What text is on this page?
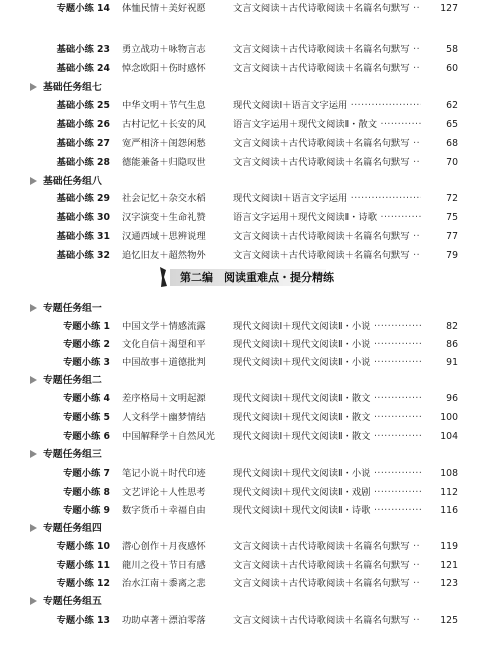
基础小练 23 勇立战功＋咏物言志	文言文阅读＋古代诗歌阅读＋名篇名句默写 ·····	58
基础小练 24 悼念欧阳＋伤时感怀	文言文阅读＋古代诗歌阅读＋名篇名句默写 ·····	60
基础任务组七
基础小练 25 中华文明＋节气生息	现代文阅读Ⅰ＋语言文字运用 ·····	62
基础小练 26 古村记忆＋长安的风	语言文字运用＋现代文阅读Ⅱ・散文 ·····	65
基础小练 27 宽严相济＋闺怨闲愁	文言文阅读＋古代诗歌阅读＋名篇名句默写 ·····	68
基础小练 28 德能兼备＋归隐叹世	文言文阅读＋古代诗歌阅读＋名篇名句默写 ·····	70
基础任务组八
基础小练 29 社会记忆＋杂交水稻	现代文阅读Ⅰ＋语言文字运用 ·····	72
基础小练 30 汉字演变＋生命礼赞	语言文字运用＋现代文阅读Ⅱ・诗歌 ·····	75
基础小练 31 汉通西域＋思辨说理	文言文阅读＋古代诗歌阅读＋名篇名句默写 ·····	77
基础小练 32 追忆旧友＋超然物外	文言文阅读＋古代诗歌阅读＋名篇名句默写 ·····	79
第二编　阅读重难点・提分精练
专题任务组一
专题小练 1 中国文学＋情感流露	现代文阅读Ⅰ＋现代文阅读Ⅱ・小说 ·····	82
专题小练 2 文化自信＋渴望和平	现代文阅读Ⅰ＋现代文阅读Ⅱ・小说 ·····	86
专题小练 3 中国故事＋道德批判	现代文阅读Ⅰ＋现代文阅读Ⅱ・小说 ·····	91
专题任务组二
专题小练 4 差序格局＋文明起源	现代文阅读Ⅰ＋现代文阅读Ⅱ・散文 ·····	96
专题小练 5 人文科学＋幽梦情结	现代文阅读Ⅰ＋现代文阅读Ⅱ・散文 ·····	100
专题小练 6 中国解释学＋自然风光	现代文阅读Ⅰ＋现代文阅读Ⅱ・散文 ·····	104
专题任务组三
专题小练 7 笔记小说＋时代印迹	现代文阅读Ⅰ＋现代文阅读Ⅱ・小说 ·····	108
专题小练 8 文艺评论＋人性思考	现代文阅读Ⅰ＋现代文阅读Ⅱ・戏剧 ·····	112
专题小练 9 数字货币＋幸福自由	现代文阅读Ⅰ＋现代文阅读Ⅱ・诗歌 ·····	116
专题任务组四
专题小练 10 潜心创作＋月夜感怀	文言文阅读＋古代诗歌阅读＋名篇名句默写 ·····	119
专题小练 11 龍川之役＋节日有感	文言文阅读＋古代诗歌阅读＋名篇名句默写 ·····	121
专题小练 12 治水江南＋黍离之悲	文言文阅读＋古代诗歌阅读＋名篇名句默写 ·····	123
专题任务组五
专题小练 13 功助卓著＋漂泊零落	文言文阅读＋古代诗歌阅读＋名篇名句默写 ·····	125
专题小练 14 体恤民情＋美好祝愿	文言文阅读＋古代诗歌阅读＋名篇名句默写 ·····	127
